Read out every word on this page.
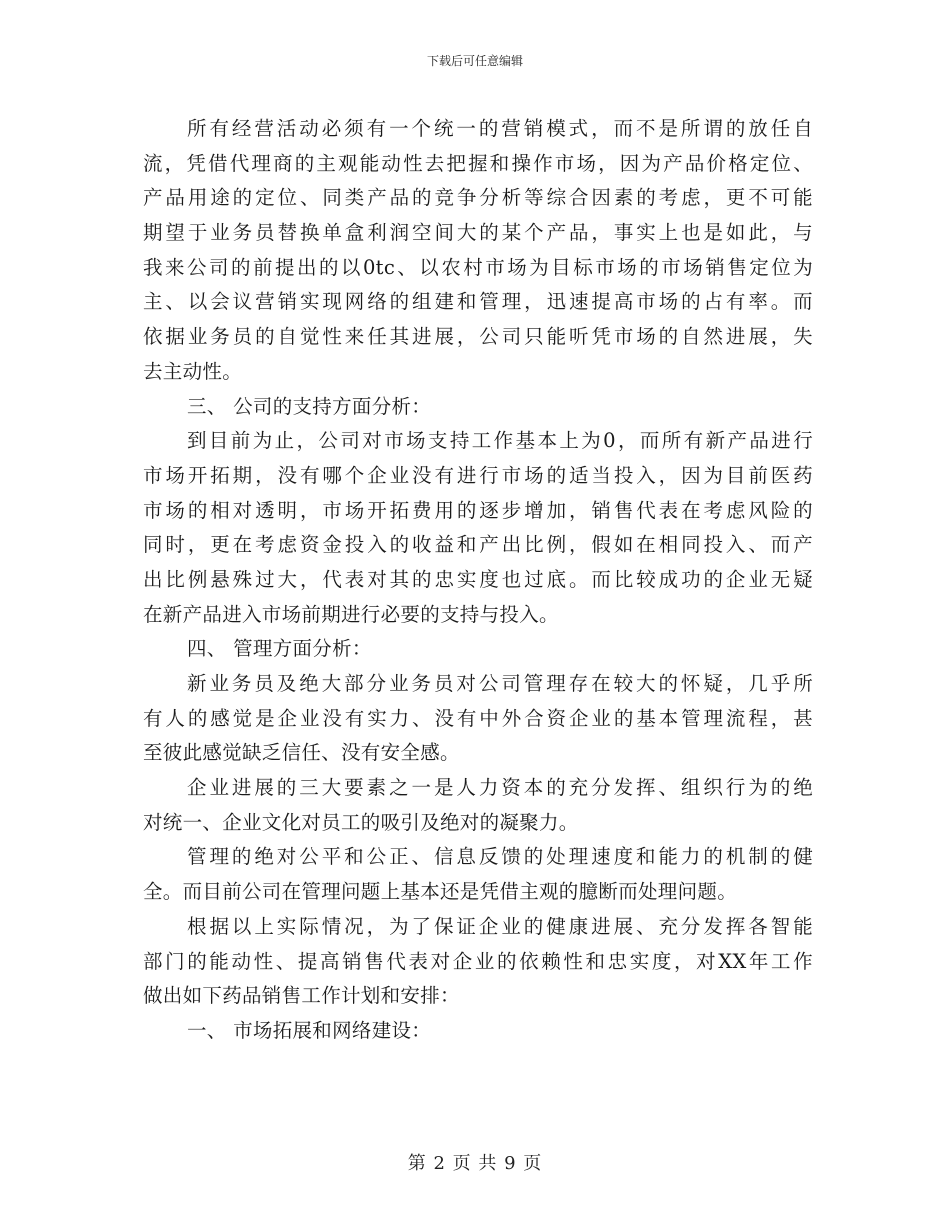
下载后可任意编辑
所有经营活动必须有一个统一的营销模式，而不是所谓的放任自
流，凭借代理商的主观能动性去把握和操作市场，因为产品价格定位、
产品用途的定位、同类产品的竞争分析等综合因素的考虑，更不可能
期望于业务员替换单盒利润空间大的某个产品，事实上也是如此，与
我来公司的前提出的以0tc、以农村市场为目标市场的市场销售定位为
主、以会议营销实现网络的组建和管理，迅速提高市场的占有率。而
依据业务员的自觉性来任其进展，公司只能听凭市场的自然进展，失
去主动性。
三、 公司的支持方面分析：
到目前为止，公司对市场支持工作基本上为0，而所有新产品进行
市场开拓期，没有哪个企业没有进行市场的适当投入，因为目前医药
市场的相对透明，市场开拓费用的逐步增加，销售代表在考虑风险的
同时，更在考虑资金投入的收益和产出比例，假如在相同投入、而产
出比例悬殊过大，代表对其的忠实度也过底。而比较成功的企业无疑
在新产品进入市场前期进行必要的支持与投入。
四、 管理方面分析：
新业务员及绝大部分业务员对公司管理存在较大的怀疑，几乎所
有人的感觉是企业没有实力、没有中外合资企业的基本管理流程，甚
至彼此感觉缺乏信任、没有安全感。
企业进展的三大要素之一是人力资本的充分发挥、组织行为的绝
对统一、企业文化对员工的吸引及绝对的凝聚力。
管理的绝对公平和公正、信息反馈的处理速度和能力的机制的健
全。而目前公司在管理问题上基本还是凭借主观的臆断而处理问题。
根据以上实际情况，为了保证企业的健康进展、充分发挥各智能
部门的能动性、提高销售代表对企业的依赖性和忠实度，对XX年工作
做出如下药品销售工作计划和安排：
一、 市场拓展和网络建设：
第 2 页 共 9 页
